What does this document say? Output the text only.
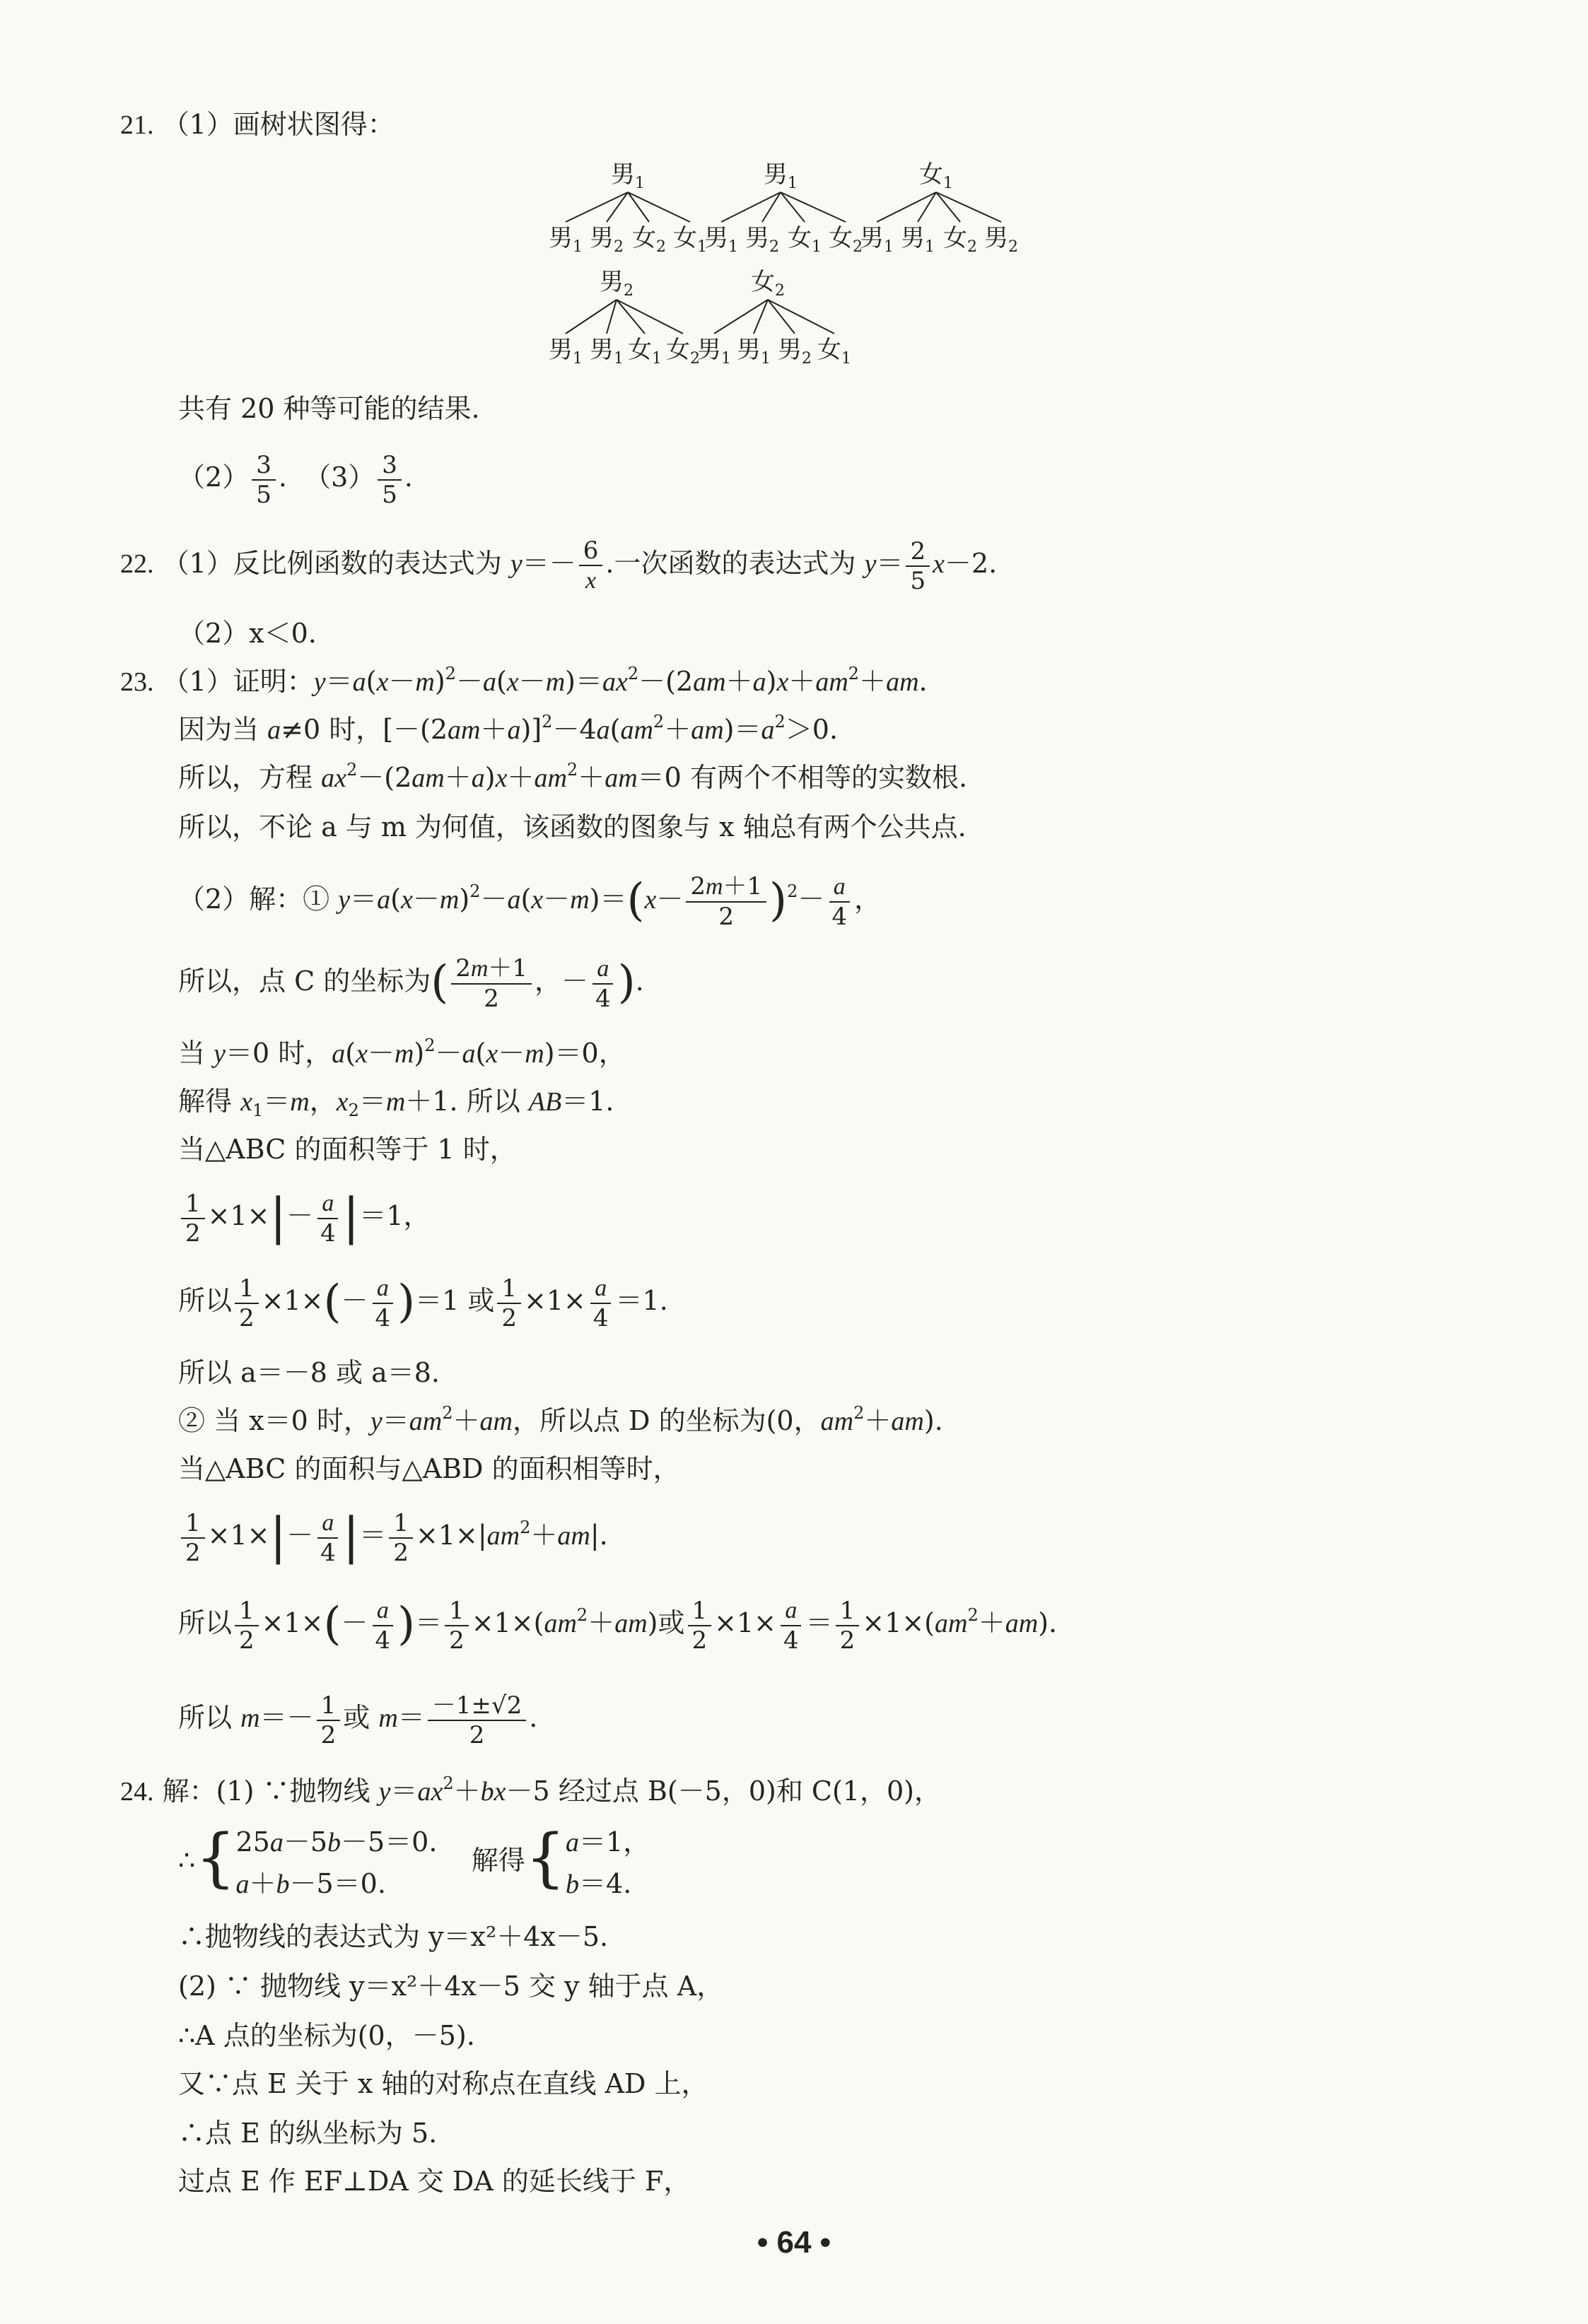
21. （1）画树状图得：
男$_1$
男$_1$ 男$_2$ 女$_2$ 女$_1$
男$_1$
男$_1$ 男$_2$ 女$_1$ 女$_2$
女$_1$
男$_1$ 男$_1$ 女$_2$ 男$_2$
男$_2$
男$_1$ 男$_1$ 女$_1$ 女$_2$
女$_2$
男$_1$ 男$_1$ 男$_2$ 女$_1$
共有 20 种等可能的结果.
$(2) \frac{3}{5}$ .  $(3) \frac{3}{5}$ .
22. （1）反比例函数的表达式为 $y=- \frac{6}{x}$ .一次函数的表达式为 $y= \frac{2}{5} x-2$.
（2）x＜0.
23. （1）证明：$y=a(x-m)^2-a(x-m)=ax^2-(2am+a)x+am^2+am$.
因为当 a≠0 时，$[-(2am+a)]^2-4a(am^2+am)=a^2>0$.
所以，方程 $ax^2-(2am+a)x+am^2+am=0$ 有两个不相等的实数根.
所以，不论 a 与 m 为何值，该函数的图象与 x 轴总有两个公共点.
（2）解：① $y=a(x-m)^2-a(x-m)=(x- \frac{2m+1}{2} )^2- \frac{a}{4}$ ，
所以，点 C 的坐标为( $\frac{2m+1}{2}$ ，－ $\frac{a}{4}$ ).
当 y＝0 时，$a(x-m)^2-a(x-m)=0$，
解得 $x_1=m$，$x_2=m+1$. 所以 AB＝1.
当△ABC 的面积等于 1 时，
$\frac{1}{2} \times 1\times|- \frac{a}{4} |=1$，
所以 $\frac{1}{2} \times 1\times(- \frac{a}{4} )=1$ 或 $\frac{1}{2} \times 1\times \frac{a}{4} =1$.
所以 a＝－8 或 a＝8.
② 当 x＝0 时，$y=am^2+am$，所以点 D 的坐标为(0，$am^2+am$).
当△ABC 的面积与△ABD 的面积相等时，
$\frac{1}{2} \times 1\times|- \frac{a}{4}$ |＝ $\frac{1}{2} \times 1\times|am^2+am|$.
所以 $\frac{1}{2} \times 1\times(- \frac{a}{4}$ )＝ $\frac{1}{2} \times 1\times(am^2+am)$或 $\frac{1}{2} \times 1\times \frac{a}{4} = \frac{1}{2} \times 1\times(am^2+am)$.
所以 $m=- \frac{1}{2}$ 或 $m= \frac{-1\pm√2}{2}$ .
24. 解：(1) ∵抛物线 $y=ax^2+bx-5$ 经过点 B(－5，0)和 C(1，0)，
∴{ 25a－5b－5＝0.
a＋b－5＝0.
解得{ a＝1，
b＝4.
∴抛物线的表达式为 y＝x²＋4x－5.
(2) ∵ 抛物线 y＝x²＋4x－5 交 y 轴于点 A，
∴A 点的坐标为(0，－5).
又∵点 E 关于 x 轴的对称点在直线 AD 上，
∴点 E 的纵坐标为 5.
过点 E 作 EF⊥DA 交 DA 的延长线于 F，
• 64 •
